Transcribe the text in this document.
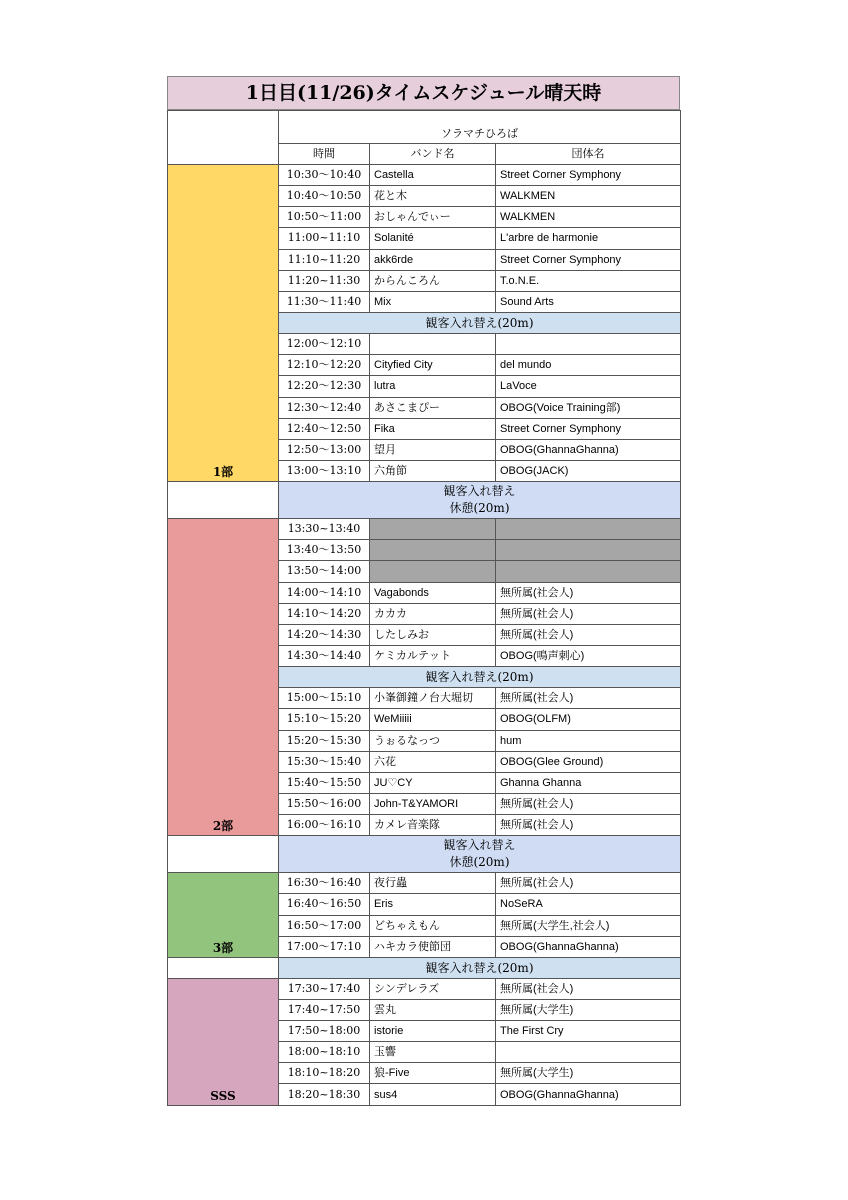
1日目(11/26)タイムスケジュール晴天時
	ソラマチひろば		
	時間	バンド名	団体名
1部	10:30〜10:40	Castella	Street Corner Symphony
	10:40〜10:50	花と木	WALKMEN
	10:50〜11:00	おしゃんでぃー	WALKMEN
	11:00~11:10	Solanité	L'arbre de harmonie
	11:10~11:20	akk6rde	Street Corner Symphony
	11:20~11:30	からんころん	T.o.N.E.
	11:30〜11:40	Mix	Sound Arts
	観客入れ替え(20m)		
	12:00〜12:10		
	12:10〜12:20	Cityfied City	del mundo
	12:20〜12:30	lutra	LaVoce
	12:30〜12:40	あさこまぴー	OBOG(Voice Training部)
	12:40〜12:50	Fika	Street Corner Symphony
	12:50〜13:00	望月	OBOG(GhannaGhanna)
	13:00〜13:10	六角節	OBOG(JACK)

	観客入れ替え
休憩(20m)		

2部	13:30~13:40		
	13:40〜13:50		
	13:50〜14:00		
	14:00〜14:10	Vagabonds	無所属(社会人)
	14:10〜14:20	カカカ	無所属(社会人)
	14:20〜14:30	したしみお	無所属(社会人)
	14:30〜14:40	ケミカルテット	OBOG(鳴声刺心)
	観客入れ替え(20m)		
	15:00〜15:10	小峯御鐘ノ台大堀切	無所属(社会人)
	15:10〜15:20	WeMiiiii	OBOG(OLFM)
	15:20〜15:30	うぉるなっつ	hum
	15:30〜15:40	六花	OBOG(Glee Ground)
	15:40〜15:50	JU♡CY	Ghanna Ghanna
	15:50〜16:00	John-T&YAMORI	無所属(社会人)
	16:00〜16:10	カメレ音楽隊	無所属(社会人)

	観客入れ替え
休憩(20m)		

3部	16:30〜16:40	夜行蟲	無所属(社会人)
	16:40〜16:50	Eris	NoSeRA
	16:50〜17:00	どちゃえもん	無所属(大学生,社会人)
	17:00〜17:10	ハキカラ使節団	OBOG(GhannaGhanna)
	観客入れ替え(20m)		
SSS	17:30~17:40	シンデレラズ	無所属(社会人)
	17:40~17:50	雲丸	無所属(大学生)
	17:50~18:00	istorie	The First Cry
	18:00~18:10	玉響	
	18:10~18:20	狼-Five	無所属(大学生)
	18:20~18:30	sus4	OBOG(GhannaGhanna)
